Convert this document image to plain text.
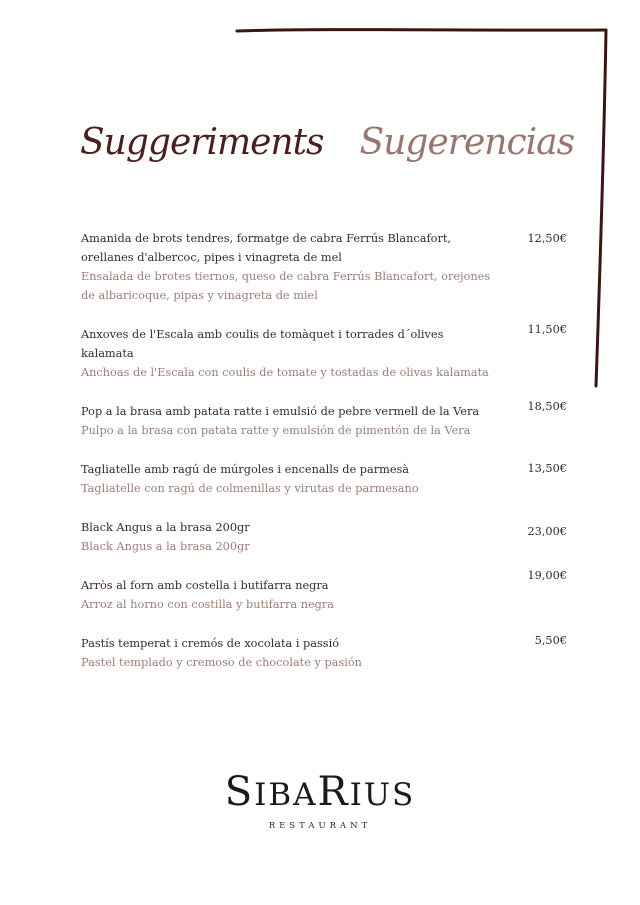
Suggeriments Sugerencias
12,50€
Amanida de brots tendres, formatge de cabra Ferrús Blancafort, orellanes d'albercoc, pipes i vinagreta de mel
Ensalada de brotes tiernos, queso de cabra Ferrús Blancafort, orejones de albaricoque, pipas y vinagreta de miel
11,50€
Anxoves de l'Escala amb coulis de tomàquet i torrades d´olives kalamata
Anchoas de l'Escala con coulis de tomate y tostadas de olivas kalamata
18,50€
Pop a la brasa amb patata ratte i emulsió de pebre vermell de la Vera
Pulpo a la brasa con patata ratte y emulsión de pimentón de la Vera
13,50€
Tagliatelle amb ragú de múrgoles i encenalls de parmesà
Tagliatelle con ragú de colmenillas y virutas de parmesano
23,00€
Black Angus a la brasa 200gr
Black Angus a la brasa 200gr
19,00€
Arròs al forn amb costella i butifarra negra
Arroz al horno con costilla y butifarra negra
5,50€
Pastís temperat i cremós de xocolata i passió
Pastel templado y cremoso de chocolate y pasión
SIBARIUS
RESTAURANT
